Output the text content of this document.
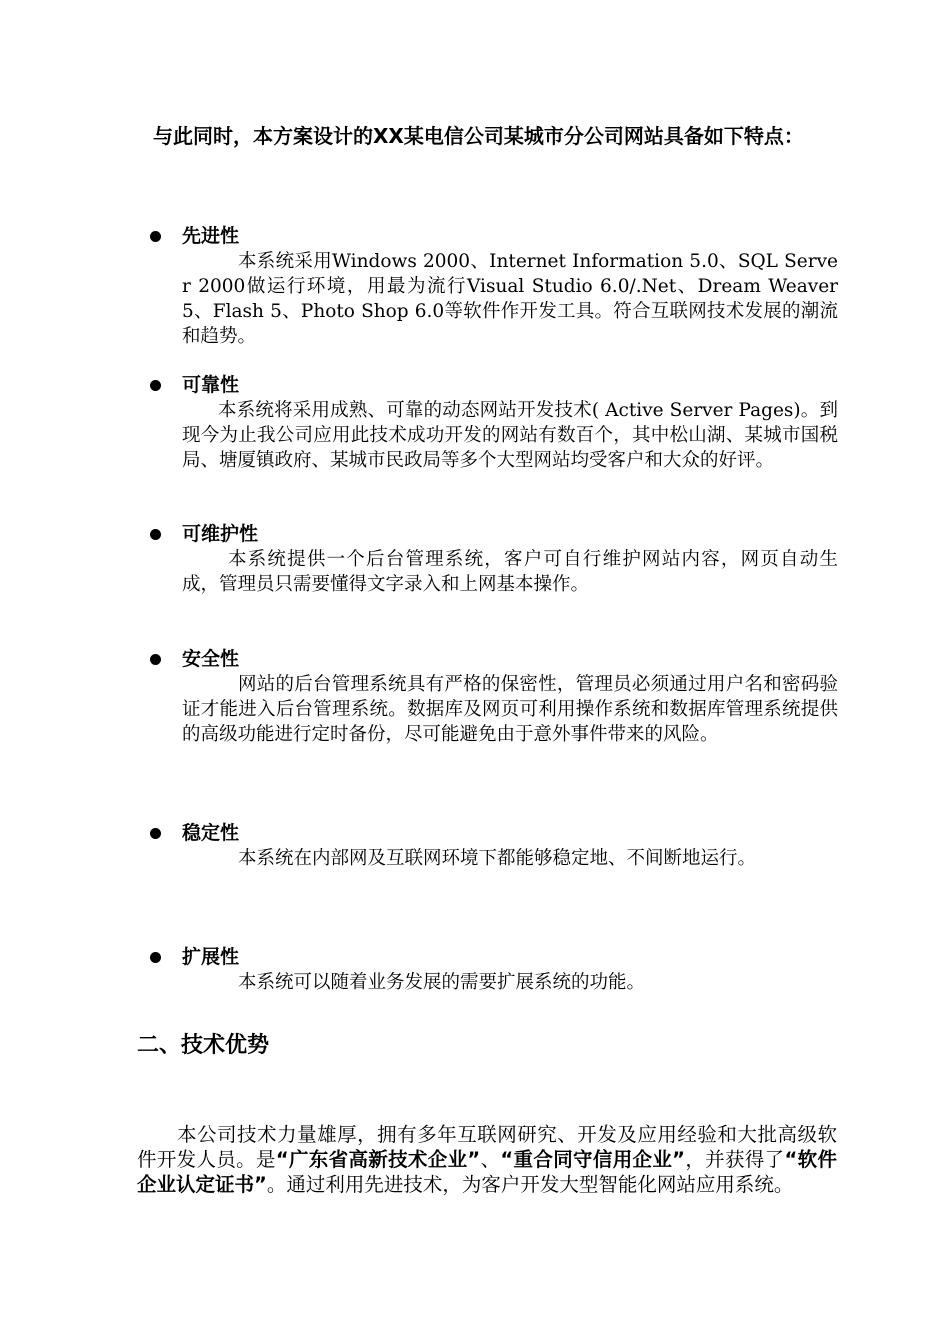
与此同时，本方案设计的XX某电信公司某城市分公司网站具备如下特点：
先进性
本系统采用Windows 2000、Internet Information 5.0、SQL Server 2000做运行环境，用最为流行Visual Studio 6.0/.Net、Dream Weaver 5、Flash 5、Photo Shop 6.0等软件作开发工具。符合互联网技术发展的潮流和趋势。
可靠性
本系统将采用成熟、可靠的动态网站开发技术( Active Server Pages)。到现今为止我公司应用此技术成功开发的网站有数百个，其中松山湖、某城市国税局、塘厦镇政府、某城市民政局等多个大型网站均受客户和大众的好评。
可维护性
本系统提供一个后台管理系统，客户可自行维护网站内容，网页自动生成，管理员只需要懂得文字录入和上网基本操作。
安全性
网站的后台管理系统具有严格的保密性，管理员必须通过用户名和密码验证才能进入后台管理系统。数据库及网页可利用操作系统和数据库管理系统提供的高级功能进行定时备份，尽可能避免由于意外事件带来的风险。
稳定性
本系统在内部网及互联网环境下都能够稳定地、不间断地运行。
扩展性
本系统可以随着业务发展的需要扩展系统的功能。
二、技术优势
本公司技术力量雄厚，拥有多年互联网研究、开发及应用经验和大批高级软件开发人员。是“广东省高新技术企业”、“重合同守信用企业”，并获得了“软件企业认定证书”。通过利用先进技术，为客户开发大型智能化网站应用系统。
